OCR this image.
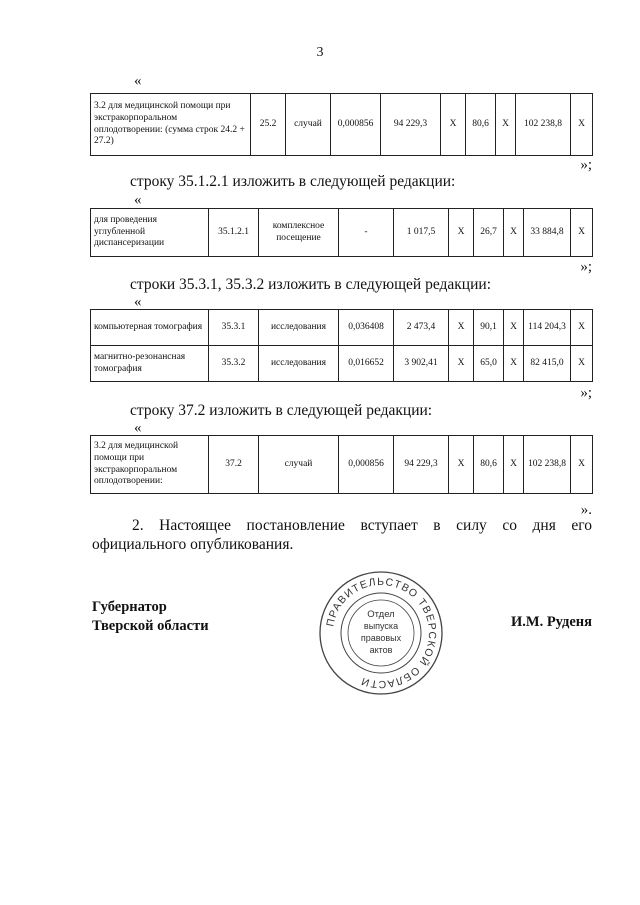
3
«
3.2 для медицинской помощи при экстракорпоральном оплодотворении: (сумма строк 24.2 + 27.2)	25.2	случай	0,000856	94 229,3	X	80,6	X	102 238,8	X
»;
строку 35.1.2.1 изложить в следующей редакции:
«
для проведения углубленной диспансеризации	35.1.2.1	комплексное посещение	-	1 017,5	X	26,7	X	33 884,8	X
»;
строки 35.3.1, 35.3.2 изложить в следующей редакции:
«
компьютерная томография	35.3.1	исследования	0,036408	2 473,4	X	90,1	X	114 204,3	X
магнитно-резонансная томография	35.3.2	исследования	0,016652	3 902,41	X	65,0	X	82 415,0	X
»;
строку 37.2 изложить в следующей редакции:
«
3.2 для медицинской помощи при экстракорпоральном оплодотворении:	37.2	случай	0,000856	94 229,3	X	80,6	X	102 238,8	X
».
2. Настоящее постановление вступает в силу со дня его официального опубликования.
Губернатор
Тверской области	И.М. Руденя
ПРАВИТЕЛЬСТВО ТВЕРСКОЙ ОБЛАСТИ
Отдел
выпуска
правовых
актов
